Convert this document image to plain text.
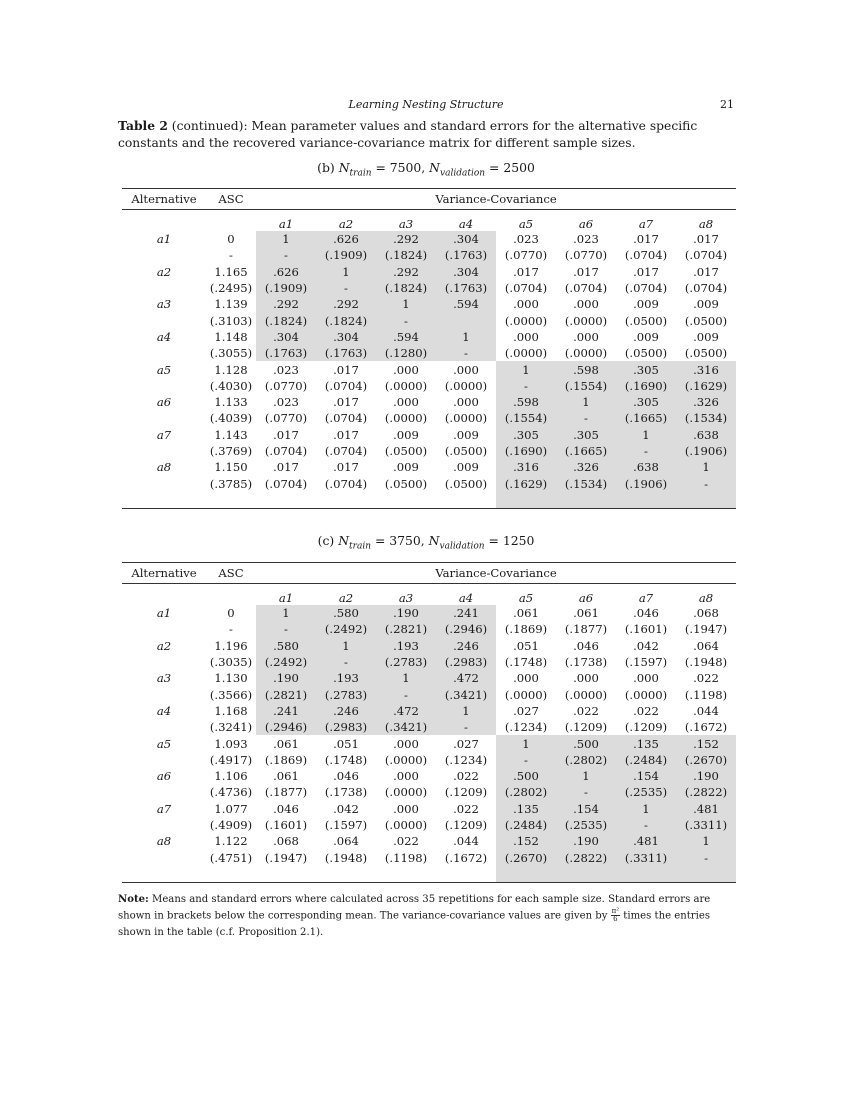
Learning Nesting Structure	21
Table 2 (continued): Mean parameter values and standard errors for the alternative specific constants and the recovered variance-covariance matrix for different sample sizes.
(b) $N_{train} = 7500$, $N_{validation} = 2500$
Alternative	ASC	Variance-Covariance							

		a1	a2	a3	a4	a5	a6	a7	a8
a1	0	1	.626	.292	.304	.023	.023	.017	.017
	-	-	(.1909)	(.1824)	(.1763)	(.0770)	(.0770)	(.0704)	(.0704)
a2	1.165	.626	1	.292	.304	.017	.017	.017	.017
	(.2495)	(.1909)	-	(.1824)	(.1763)	(.0704)	(.0704)	(.0704)	(.0704)
a3	1.139	.292	.292	1	.594	.000	.000	.009	.009
	(.3103)	(.1824)	(.1824)	-		(.0000)	(.0000)	(.0500)	(.0500)
a4	1.148	.304	.304	.594	1	.000	.000	.009	.009
	(.3055)	(.1763)	(.1763)	(.1280)	-	(.0000)	(.0000)	(.0500)	(.0500)
a5	1.128	.023	.017	.000	.000	1	.598	.305	.316
	(.4030)	(.0770)	(.0704)	(.0000)	(.0000)	-	(.1554)	(.1690)	(.1629)
a6	1.133	.023	.017	.000	.000	.598	1	.305	.326
	(.4039)	(.0770)	(.0704)	(.0000)	(.0000)	(.1554)	-	(.1665)	(.1534)
a7	1.143	.017	.017	.009	.009	.305	.305	1	.638
	(.3769)	(.0704)	(.0704)	(.0500)	(.0500)	(.1690)	(.1665)	-	(.1906)
a8	1.150	.017	.017	.009	.009	.316	.326	.638	1
	(.3785)	(.0704)	(.0704)	(.0500)	(.0500)	(.1629)	(.1534)	(.1906)	-

(c) $N_{train} = 3750$, $N_{validation} = 1250$
Alternative	ASC	Variance-Covariance							

		a1	a2	a3	a4	a5	a6	a7	a8
a1	0	1	.580	.190	.241	.061	.061	.046	.068
	-	-	(.2492)	(.2821)	(.2946)	(.1869)	(.1877)	(.1601)	(.1947)
a2	1.196	.580	1	.193	.246	.051	.046	.042	.064
	(.3035)	(.2492)	-	(.2783)	(.2983)	(.1748)	(.1738)	(.1597)	(.1948)
a3	1.130	.190	.193	1	.472	.000	.000	.000	.022
	(.3566)	(.2821)	(.2783)	-	(.3421)	(.0000)	(.0000)	(.0000)	(.1198)
a4	1.168	.241	.246	.472	1	.027	.022	.022	.044
	(.3241)	(.2946)	(.2983)	(.3421)	-	(.1234)	(.1209)	(.1209)	(.1672)
a5	1.093	.061	.051	.000	.027	1	.500	.135	.152
	(.4917)	(.1869)	(.1748)	(.0000)	(.1234)	-	(.2802)	(.2484)	(.2670)
a6	1.106	.061	.046	.000	.022	.500	1	.154	.190
	(.4736)	(.1877)	(.1738)	(.0000)	(.1209)	(.2802)	-	(.2535)	(.2822)
a7	1.077	.046	.042	.000	.022	.135	.154	1	.481
	(.4909)	(.1601)	(.1597)	(.0000)	(.1209)	(.2484)	(.2535)	-	(.3311)
a8	1.122	.068	.064	.022	.044	.152	.190	.481	1
	(.4751)	(.1947)	(.1948)	(.1198)	(.1672)	(.2670)	(.2822)	(.3311)	-

Note: Means and standard errors where calculated across 35 repetitions for each sample size. Standard errors are shown in brackets below the corresponding mean. The variance-covariance values are given by $\frac{\text{π²}}{6}$ times the entries shown in the table (c.f. Proposition 2.1).
